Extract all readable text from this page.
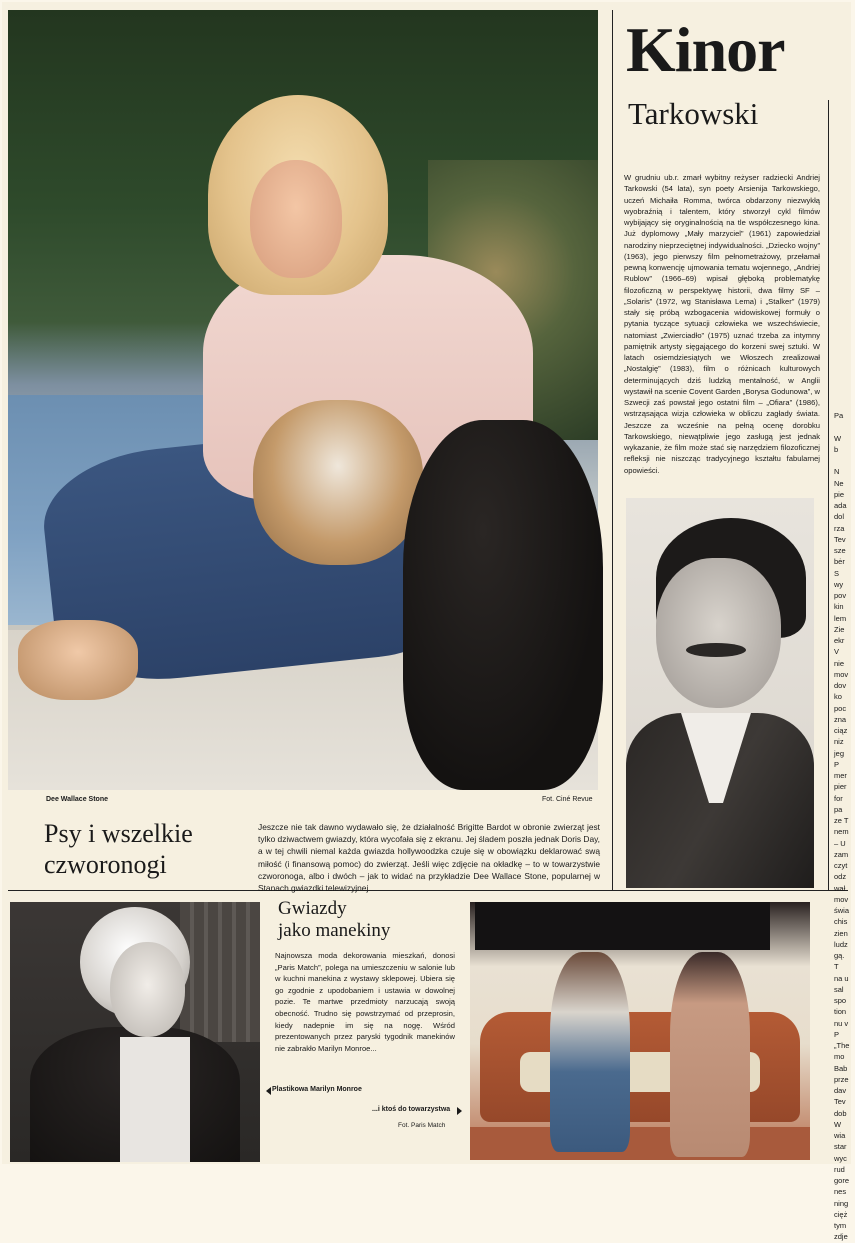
Dee Wallace Stone	Fot. Ciné Revue
Psy i wszelkie
czworonogi

Jeszcze nie tak dawno wydawało się, że działalność Brigitte Bardot w obronie zwierząt jest tylko dziwactwem gwiazdy, która wycofała się z ekranu. Jej śladem poszła jednak Doris Day, a w tej chwili niemal każda gwiazda hollywoodzka czuje się w obowiązku deklarować swą miłość (i finansową pomoc) do zwierząt. Jeśli więc zdjęcie na okładkę – to w towarzystwie czworonoga, albo i dwóch – jak to widać na przykładzie Dee Wallace Stone, popularnej w Stanach gwiazdki telewizyjnej.

Kinor
Tarkowski

W grudniu ub.r. zmarł wybitny reżyser radziecki Andriej Tarkowski (54 lata), syn poety Arsienija Tarkowskiego, uczeń Michaiła Romma, twórca obdarzony niezwykłą wyobraźnią i talentem, który stworzył cykl filmów wybijający się oryginalnością na tle współczesnego kina. Już dyplomowy „Mały marzyciel” (1961) zapowiedział narodziny nieprzeciętnej indywidualności. „Dziecko wojny” (1963), jego pierwszy film pełnometrażowy, przełamał pewną konwencję ujmowania tematu wojennego, „Andriej Rublow” (1966–69) wpisał głęboką problematykę filozoficzną w perspektywę historii, dwa filmy SF – „Solaris” (1972, wg Stanisława Lema) i „Stalker” (1979) stały się próbą wzbogacenia widowiskowej formuły o pytania tyczące sytuacji człowieka we wszechświecie, natomiast „Zwierciadło” (1975) uznać trzeba za intymny pamiętnik artysty sięgającego do korzeni swej sztuki. W latach osiemdziesiątych we Włoszech zrealizował „Nostalgię” (1983), film o różnicach kulturowych determinujących dziś ludzką mentalność, w Anglii wystawił na scenie Covent Garden „Borysa Godunowa”, w Szwecji zaś powstał jego ostatni film – „Ofiara” (1986), wstrząsająca wizja człowieka w obliczu zagłady świata. Jeszcze za wcześnie na pełną ocenę dorobku Tarkowskiego, niewątpliwie jego zasługą jest jednak wykazanie, że film może stać się narzędziem filozoficznej refleksji nie niszcząc tradycyjnego kształtu fabularnej opowieści.

Pa
W
b
N
Ne
pie
ada
dol
rza
Tev
sze
bėr
S
wy
pov
kin
lem
Zie
ekr
V
nie
mov
dov
ko
poc
zna
ciąz
niz
jeg
P
mer
pier
for
pa
ze T
nem
– U
zam
czyt
odz
wał
mov
świa
chis
zien
ludz
gą.
T
na u
sal
spo
tion
nu v
P
„The
mo
Bab
prze
dav
Tev
dob
W
wia
star
wyc
rud
gore
nes
ning
cięż
tym
zdje
Gwiazdy
jako manekiny

Najnowsza moda dekorowania mieszkań, donosi „Paris Match”, polega na umieszczeniu w salonie lub w kuchni manekina z wystawy sklepowej. Ubiera się go zgodnie z upodobaniem i ustawia w dowolnej pozie. Te martwe przedmioty narzucają swoją obecność. Trudno się powstrzymać od przeprosin, kiedy nadepnie im się na nogę. Wśród prezentowanych przez paryski tygodnik manekinów nie zabrakło Marilyn Monroe...

Plastikowa Marilyn Monroe
...i ktoś do towarzystwa
Fot. Paris Match
